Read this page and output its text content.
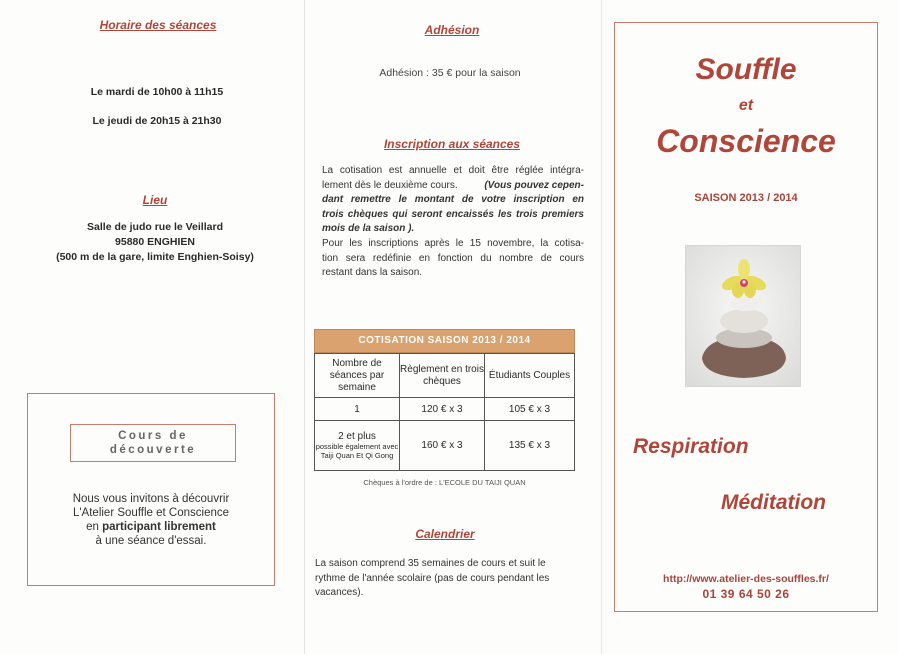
Horaire des séances
Le mardi de 10h00 à 11h15
Le jeudi de 20h15 à 21h30
Lieu
Salle de judo rue le Veillard
95880 ENGHIEN
(500 m de la gare, limite Enghien-Soisy)
Cours de
découverte
Nous vous invitons à découvrir
L'Atelier Souffle et Conscience
en participant librement
à une séance d'essai.
Adhésion
Adhésion : 35 € pour la saison
Inscription aux séances
La cotisation est annuelle et doit être réglée intégra-
lement dès le deuxième cours.	(Vous pouvez cepen-
dant remettre le montant de votre inscription en
trois chèques qui seront encaissés les trois premiers
mois de la saison ).
Pour les inscriptions après le 15 novembre, la cotisa-
tion sera redéfinie en fonction du nombre de cours
restant dans la saison.
COTISATION SAISON 2013 / 2014
Nombre de séances par semaine	Règlement en trois chèques	Étudiants Couples
1	120 € x 3	105 € x 3

2 et plus
possible également avec Taiji Quan Et Qi Gong	160 € x 3	135 € x 3
Chèques à l'ordre de : L'ECOLE DU TAIJI QUAN
Calendrier
La saison comprend 35 semaines de cours et suit le
rythme de l'année scolaire (pas de cours pendant les
vacances).
Souffle
et
Conscience
SAISON 2013 / 2014
Respiration
Méditation
http://www.atelier-des-souffles.fr/
01 39 64 50 26
